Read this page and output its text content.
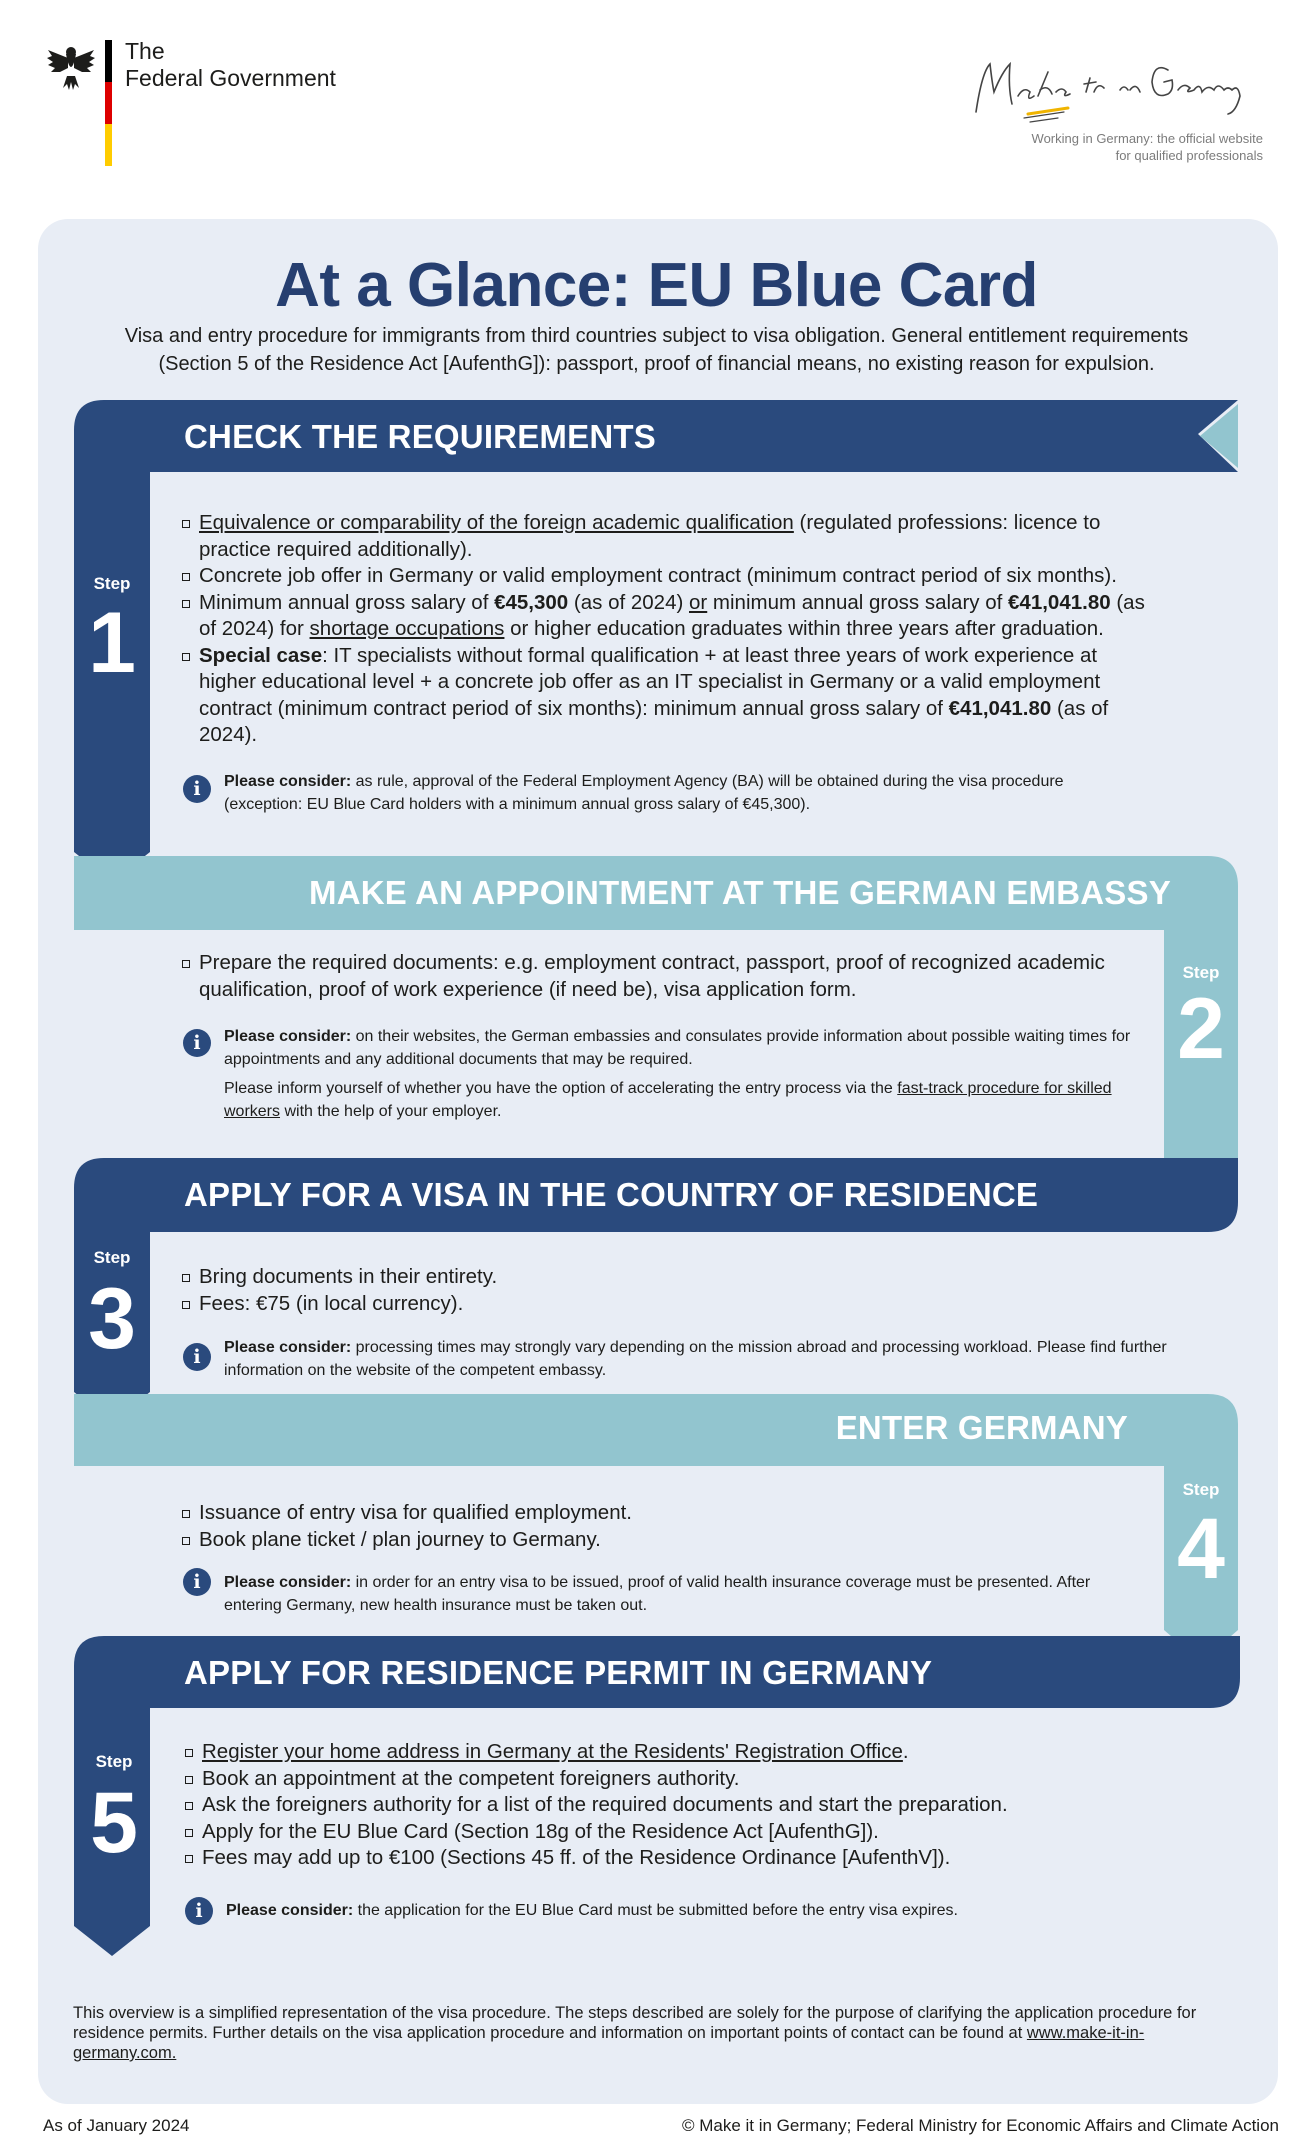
The
Federal Government
Working in Germany: the official website
for qualified professionals
At a Glance: EU Blue Card
Visa and entry procedure for immigrants from third countries subject to visa obligation. General entitlement requirements
(Section 5 of the Residence Act [AufenthG]): passport, proof of financial means, no existing reason for expulsion.
CHECK THE REQUIREMENTS
Step
1
Equivalence or comparability of the foreign academic qualification (regulated professions: licence to practice required additionally).
Concrete job offer in Germany or valid employment contract (minimum contract period of six months).
Minimum annual gross salary of €45,300 (as of 2024) or minimum annual gross salary of €41,041.80 (as of 2024) for shortage occupations or higher education graduates within three years after graduation.
Special case: IT specialists without formal qualification + at least three years of work experience at higher educational level + a concrete job offer as an IT specialist in Germany or a valid employment contract (minimum contract period of six months): minimum annual gross salary of €41,041.80 (as of 2024).
i	Please consider: as rule, approval of the Federal Employment Agency (BA) will be obtained during the visa procedure (exception: EU Blue Card holders with a minimum annual gross salary of €45,300).
MAKE AN APPOINTMENT AT THE GERMAN EMBASSY
Step
2
Prepare the required documents: e.g. employment contract, passport, proof of recognized academic qualification, proof of work experience (if need be), visa application form.
i	Please consider: on their websites, the German embassies and consulates provide information about possible waiting times for appointments and any additional documents that may be required.
Please inform yourself of whether you have the option of accelerating the entry process via the fast-track procedure for skilled workers with the help of your employer.
APPLY FOR A VISA IN THE COUNTRY OF RESIDENCE
Step
3	Bring documents in their entirety.
Fees: €75 (in local currency).
i	Please consider: processing times may strongly vary depending on the mission abroad and processing workload. Please find further information on the website of the competent embassy.
ENTER GERMANY
Step
4
Issuance of entry visa for qualified employment.
Book plane ticket / plan journey to Germany.
i	Please consider: in order for an entry visa to be issued, proof of valid health insurance coverage must be presented. After entering Germany, new health insurance must be taken out.
APPLY FOR RESIDENCE PERMIT IN GERMANY
Step
5
Register your home address in Germany at the Residents' Registration Office.
Book an appointment at the competent foreigners authority.
Ask the foreigners authority for a list of the required documents and start the preparation.
Apply for the EU Blue Card (Section 18g of the Residence Act [AufenthG]).
Fees may add up to €100 (Sections 45 ff. of the Residence Ordinance [AufenthV]).
i	Please consider: the application for the EU Blue Card must be submitted before the entry visa expires.
This overview is a simplified representation of the visa procedure. The steps described are solely for the purpose of clarifying the application procedure for residence permits. Further details on the visa application procedure and information on important points of contact can be found at www.make-it-in-germany.com.
As of January 2024	© Make it in Germany; Federal Ministry for Economic Affairs and Climate Action
